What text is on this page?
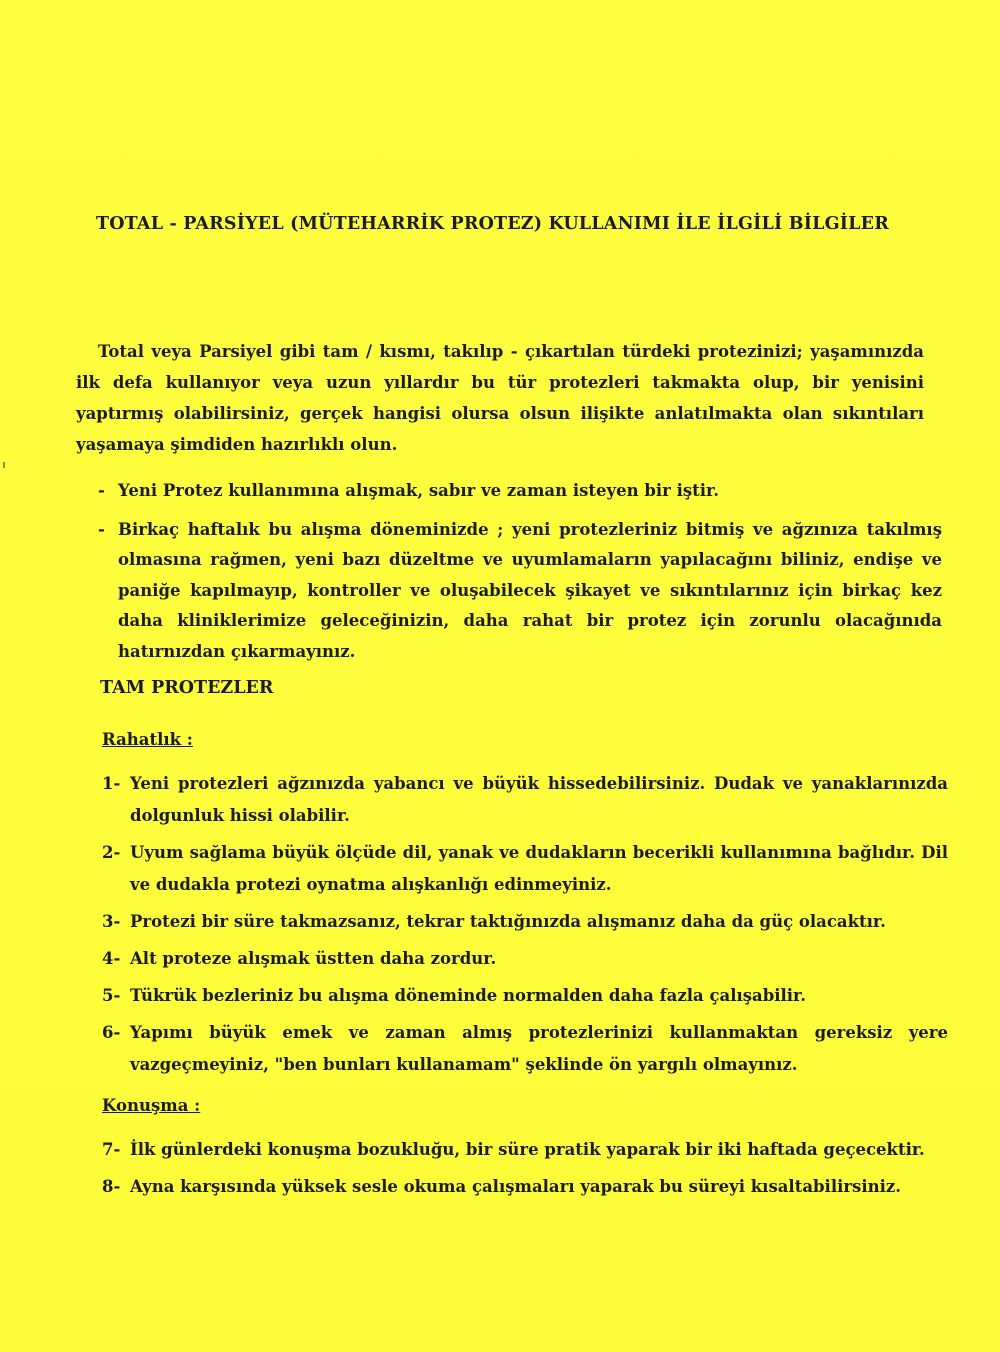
TOTAL - PARSİYEL (MÜTEHARRİK PROTEZ) KULLANIMI İLE İLGİLİ BİLGİLER

Total veya Parsiyel gibi tam / kısmı, takılıp - çıkartılan türdeki protezinizi; yaşamınızda ilk defa kullanıyor veya uzun yıllardır bu tür protezleri takmakta olup, bir yenisini yaptırmış olabilirsiniz, gerçek hangisi olursa olsun ilişikte anlatılmakta olan sıkıntıları yaşamaya şimdiden hazırlıklı olun.

- Yeni Protez kullanımına alışmak, sabır ve zaman isteyen bir iştir.
- Birkaç haftalık bu alışma döneminizde ; yeni protezleriniz bitmiş ve ağzınıza takılmış olmasına rağmen, yeni bazı düzeltme ve uyumlamaların yapılacağını biliniz, endişe ve paniğe kapılmayıp, kontroller ve oluşabilecek şikayet ve sıkıntılarınız için birkaç kez daha kliniklerimize geleceğinizin, daha rahat bir protez için zorunlu olacağınıda hatırnızdan çıkarmayınız.
TAM PROTEZLER
Rahatlık :
1- Yeni protezleri ağzınızda yabancı ve büyük hissedebilirsiniz. Dudak ve yanaklarınızda dolgunluk hissi olabilir.
2- Uyum sağlama büyük ölçüde dil, yanak ve dudakların becerikli kullanımına bağlıdır. Dil ve dudakla protezi oynatma alışkanlığı edinmeyiniz.
3- Protezi bir süre takmazsanız, tekrar taktığınızda alışmanız daha da güç olacaktır.
4- Alt proteze alışmak üstten daha zordur.
5- Tükrük bezleriniz bu alışma döneminde normalden daha fazla çalışabilir.
6- Yapımı büyük emek ve zaman almış protezlerinizi kullanmaktan gereksiz yere vazgeçmeyiniz, "ben bunları kullanamam" şeklinde ön yargılı olmayınız.
Konuşma :
7- İlk günlerdeki konuşma bozukluğu, bir süre pratik yaparak bir iki haftada geçecektir.
8- Ayna karşısında yüksek sesle okuma çalışmaları yaparak bu süreyi kısaltabilirsiniz.
